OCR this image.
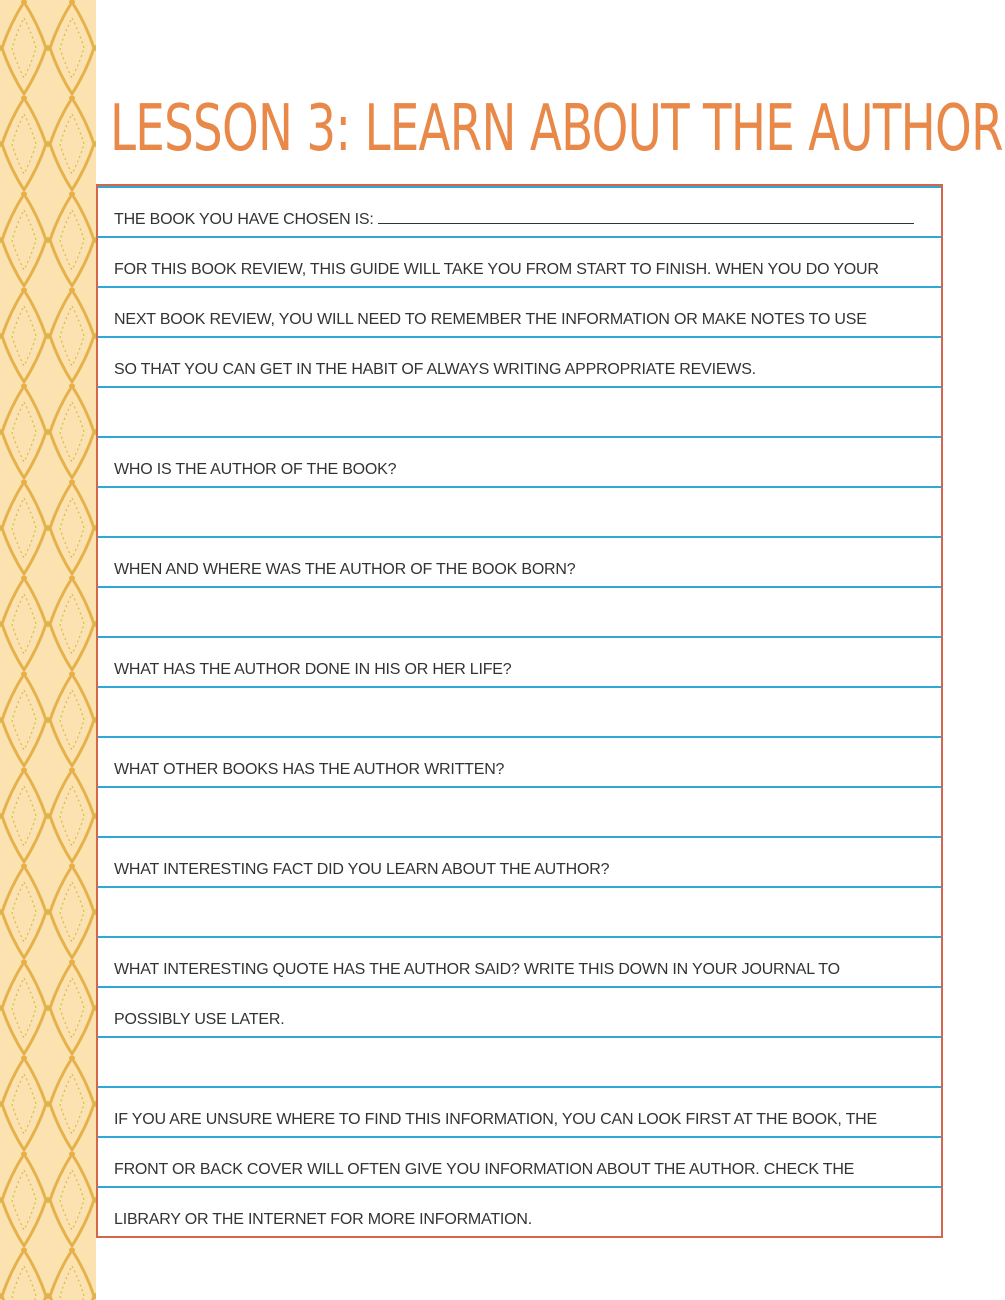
LESSON 3: LEARN ABOUT THE AUTHOR

THE BOOK YOU HAVE CHOSEN IS:

FOR THIS BOOK REVIEW, THIS GUIDE WILL TAKE YOU FROM START TO FINISH. WHEN YOU DO YOUR

NEXT BOOK REVIEW, YOU WILL NEED TO REMEMBER THE INFORMATION OR MAKE NOTES TO USE

SO THAT YOU CAN GET IN THE HABIT OF ALWAYS WRITING APPROPRIATE REVIEWS.

WHO IS THE AUTHOR OF THE BOOK?

WHEN AND WHERE WAS THE AUTHOR OF THE BOOK BORN?

WHAT HAS THE AUTHOR DONE IN HIS OR HER LIFE?

WHAT OTHER BOOKS HAS THE AUTHOR WRITTEN?

WHAT INTERESTING FACT DID YOU LEARN ABOUT THE AUTHOR?

WHAT INTERESTING QUOTE HAS THE AUTHOR SAID? WRITE THIS DOWN IN YOUR JOURNAL TO

POSSIBLY USE LATER.

IF YOU ARE UNSURE WHERE TO FIND THIS INFORMATION, YOU CAN LOOK FIRST AT THE BOOK, THE

FRONT OR BACK COVER WILL OFTEN GIVE YOU INFORMATION ABOUT THE AUTHOR. CHECK THE

LIBRARY OR THE INTERNET FOR MORE INFORMATION.
